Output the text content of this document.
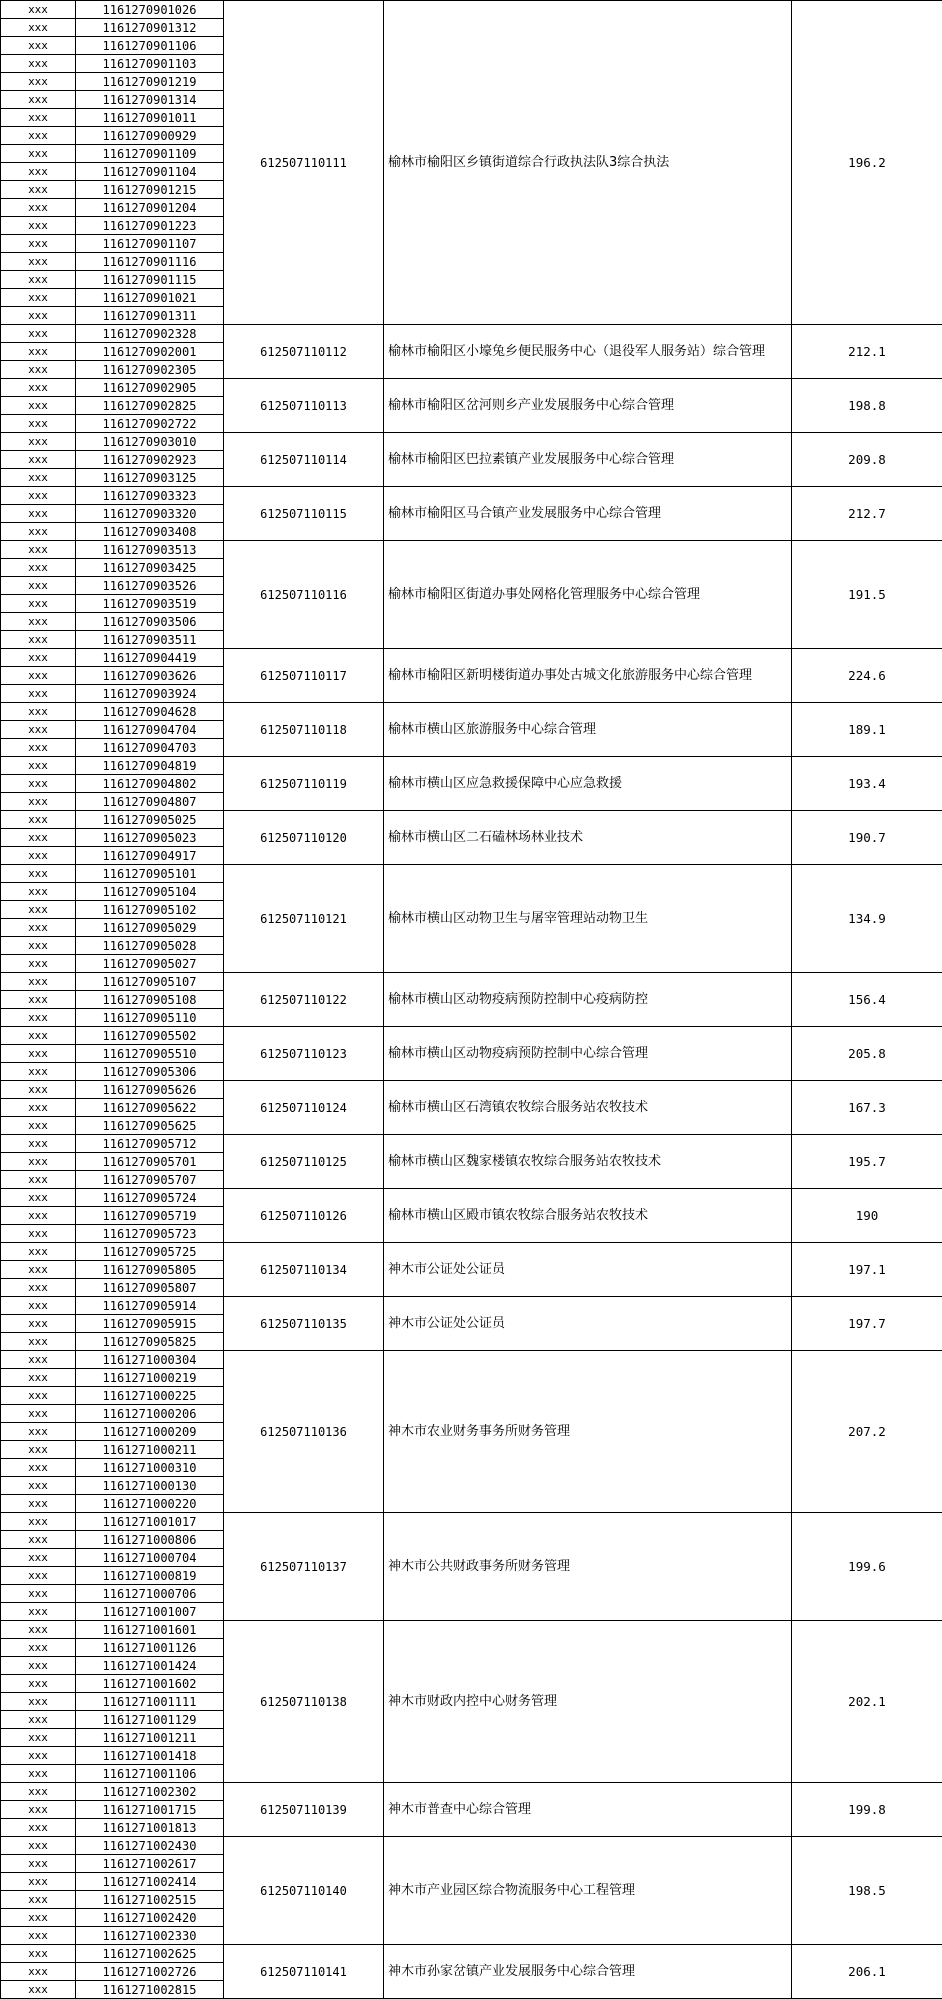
xxx	1161270901026	612507110111	榆林市榆阳区乡镇街道综合行政执法队3综合执法	196.2
xxx	1161270901312			
xxx	1161270901106			
xxx	1161270901103			
xxx	1161270901219			
xxx	1161270901314			
xxx	1161270901011			
xxx	1161270900929			
xxx	1161270901109			
xxx	1161270901104			
xxx	1161270901215			
xxx	1161270901204			
xxx	1161270901223			
xxx	1161270901107			
xxx	1161270901116			
xxx	1161270901115			
xxx	1161270901021			
xxx	1161270901311			
xxx	1161270902328	612507110112	榆林市榆阳区小壕兔乡便民服务中心（退役军人服务站）综合管理	212.1
xxx	1161270902001			
xxx	1161270902305			
xxx	1161270902905	612507110113	榆林市榆阳区岔河则乡产业发展服务中心综合管理	198.8
xxx	1161270902825			
xxx	1161270902722			
xxx	1161270903010	612507110114	榆林市榆阳区巴拉素镇产业发展服务中心综合管理	209.8
xxx	1161270902923			
xxx	1161270903125			
xxx	1161270903323	612507110115	榆林市榆阳区马合镇产业发展服务中心综合管理	212.7
xxx	1161270903320			
xxx	1161270903408			
xxx	1161270903513	612507110116	榆林市榆阳区街道办事处网格化管理服务中心综合管理	191.5
xxx	1161270903425			
xxx	1161270903526			
xxx	1161270903519			
xxx	1161270903506			
xxx	1161270903511			
xxx	1161270904419	612507110117	榆林市榆阳区新明楼街道办事处古城文化旅游服务中心综合管理	224.6
xxx	1161270903626			
xxx	1161270903924			
xxx	1161270904628	612507110118	榆林市横山区旅游服务中心综合管理	189.1
xxx	1161270904704			
xxx	1161270904703			
xxx	1161270904819	612507110119	榆林市横山区应急救援保障中心应急救援	193.4
xxx	1161270904802			
xxx	1161270904807			
xxx	1161270905025	612507110120	榆林市横山区二石磕林场林业技术	190.7
xxx	1161270905023			
xxx	1161270904917			
xxx	1161270905101	612507110121	榆林市横山区动物卫生与屠宰管理站动物卫生	134.9
xxx	1161270905104			
xxx	1161270905102			
xxx	1161270905029			
xxx	1161270905028			
xxx	1161270905027			
xxx	1161270905107	612507110122	榆林市横山区动物疫病预防控制中心疫病防控	156.4
xxx	1161270905108			
xxx	1161270905110			
xxx	1161270905502	612507110123	榆林市横山区动物疫病预防控制中心综合管理	205.8
xxx	1161270905510			
xxx	1161270905306			
xxx	1161270905626	612507110124	榆林市横山区石湾镇农牧综合服务站农牧技术	167.3
xxx	1161270905622			
xxx	1161270905625			
xxx	1161270905712	612507110125	榆林市横山区魏家楼镇农牧综合服务站农牧技术	195.7
xxx	1161270905701			
xxx	1161270905707			
xxx	1161270905724	612507110126	榆林市横山区殿市镇农牧综合服务站农牧技术	190
xxx	1161270905719			
xxx	1161270905723			
xxx	1161270905725	612507110134	神木市公证处公证员	197.1
xxx	1161270905805			
xxx	1161270905807			
xxx	1161270905914	612507110135	神木市公证处公证员	197.7
xxx	1161270905915			
xxx	1161270905825			
xxx	1161271000304	612507110136	神木市农业财务事务所财务管理	207.2
xxx	1161271000219			
xxx	1161271000225			
xxx	1161271000206			
xxx	1161271000209			
xxx	1161271000211			
xxx	1161271000310			
xxx	1161271000130			
xxx	1161271000220			
xxx	1161271001017	612507110137	神木市公共财政事务所财务管理	199.6
xxx	1161271000806			
xxx	1161271000704			
xxx	1161271000819			
xxx	1161271000706			
xxx	1161271001007			
xxx	1161271001601	612507110138	神木市财政内控中心财务管理	202.1
xxx	1161271001126			
xxx	1161271001424			
xxx	1161271001602			
xxx	1161271001111			
xxx	1161271001129			
xxx	1161271001211			
xxx	1161271001418			
xxx	1161271001106			
xxx	1161271002302	612507110139	神木市普查中心综合管理	199.8
xxx	1161271001715			
xxx	1161271001813			
xxx	1161271002430	612507110140	神木市产业园区综合物流服务中心工程管理	198.5
xxx	1161271002617			
xxx	1161271002414			
xxx	1161271002515			
xxx	1161271002420			
xxx	1161271002330			
xxx	1161271002625	612507110141	神木市孙家岔镇产业发展服务中心综合管理	206.1
xxx	1161271002726			
xxx	1161271002815			
